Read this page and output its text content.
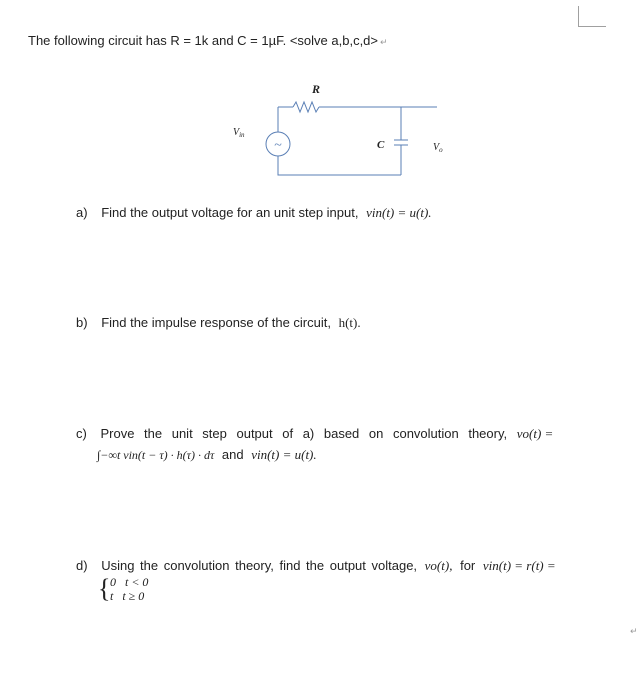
The following circuit has R = 1k and C = 1µF. <solve a,b,c,d> ↵
~
R
$V_{in}$
C	$V_o$
a) Find the output voltage for an unit step input, vin(t) = u(t).
b) Find the impulse response of the circuit, h(t).
c) Prove the unit step output of a) based on convolution theory, vo(t) =
∫−∞t vin(t − τ) · h(τ) · dτ and vin(t) = u(t).
d) Using the convolution theory, find the output voltage, vo(t), for vin(t) = r(t) =
{ 0   t < 0
t   t ≥ 0
↵
